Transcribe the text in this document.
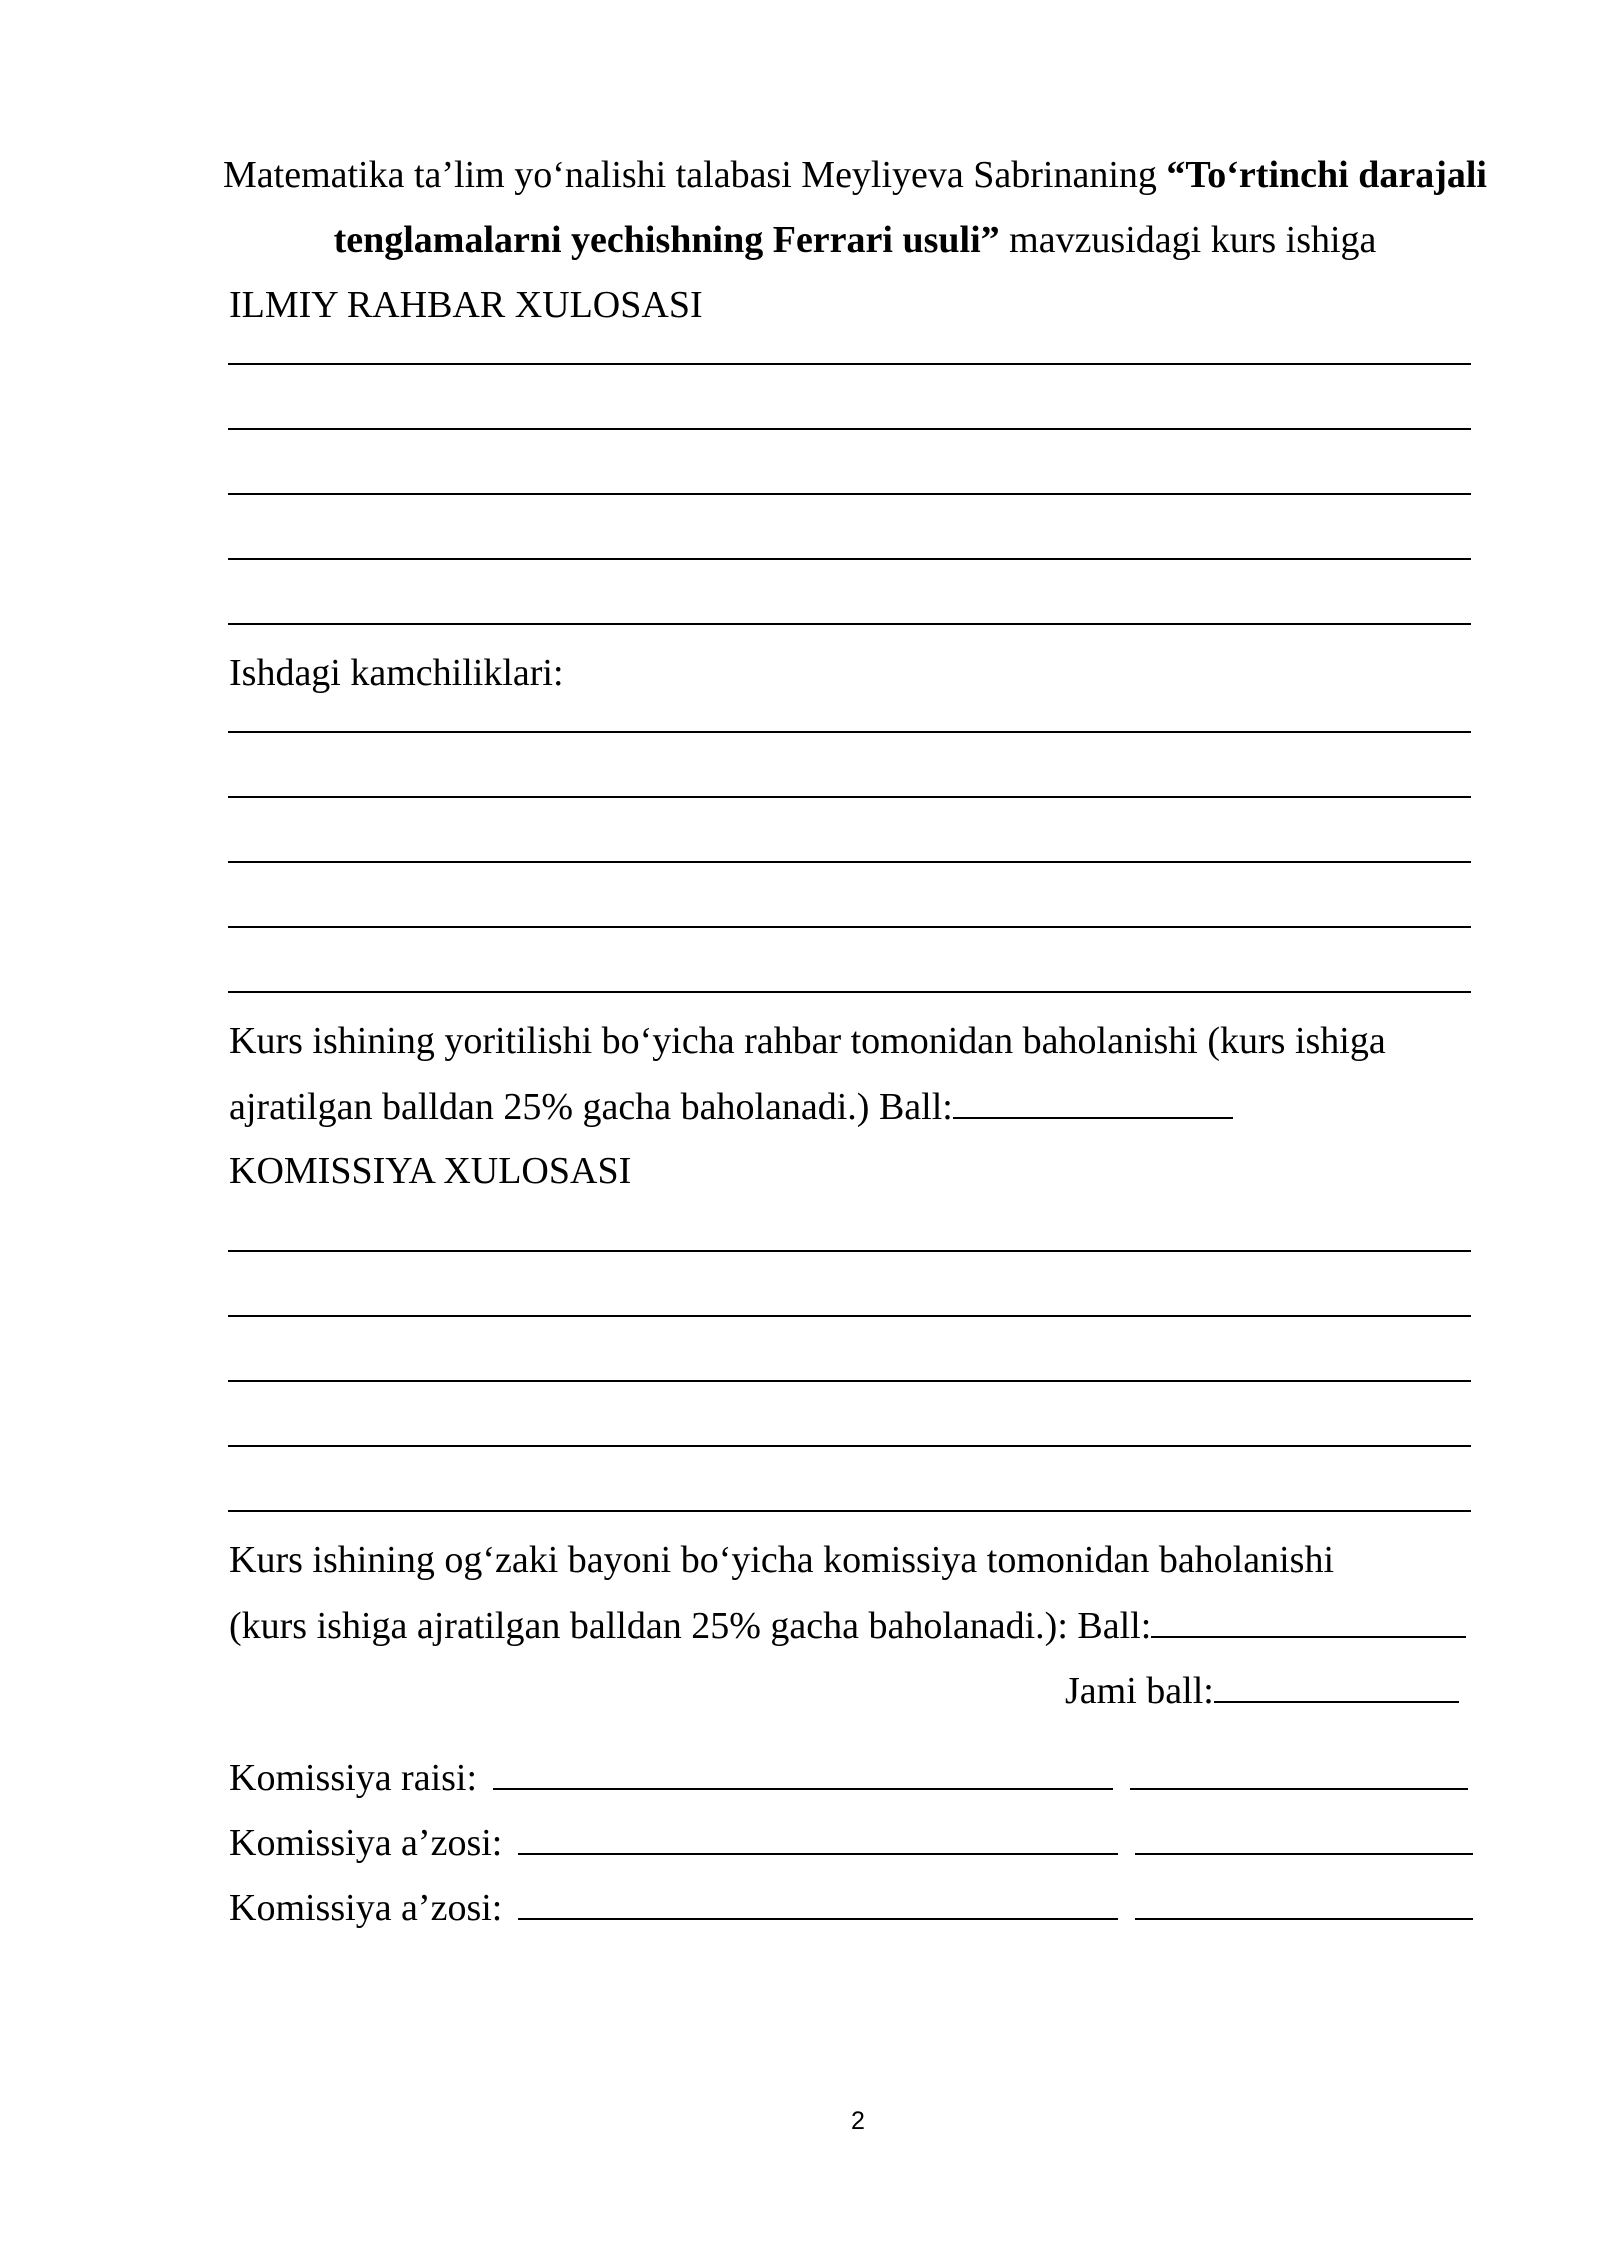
Matematika ta’lim yo‘nalishi talabasi Meyliyeva Sabrinaning “To‘rtinchi darajali
tenglamalarni yechishning Ferrari usuli” mavzusidagi kurs ishiga
ILMIY RAHBAR XULOSASI
Ishdagi kamchiliklari:
Kurs ishining yoritilishi bo‘yicha rahbar tomonidan baholanishi (kurs ishiga
ajratilgan balldan 25% gacha baholanadi.) Ball:
KOMISSIYA XULOSASI
Kurs ishining og‘zaki bayoni bo‘yicha komissiya tomonidan baholanishi
(kurs ishiga ajratilgan balldan 25% gacha baholanadi.): Ball:
Jami ball:
Komissiya raisi:
Komissiya a’zosi:
Komissiya a’zosi:
2
